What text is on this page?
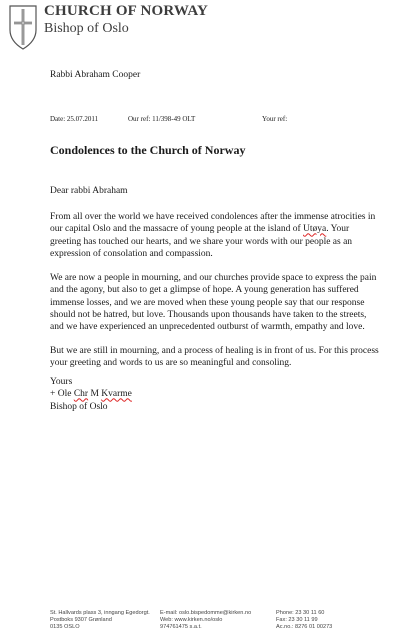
CHURCH OF NORWAY
Bishop of Oslo
Rabbi Abraham Cooper
Date: 25.07.2011	Our ref: 11/398-49 OLT	Your ref:
Condolences to the Church of Norway
Dear rabbi Abraham
From all over the world we have received condolences after the immense atrocities in our capital Oslo and the massacre of young people at the island of Utøya. Your greeting has touched our hearts, and we share your words with our people as an expression of consolation and compassion.
We are now a people in mourning, and our churches provide space to express the pain and the agony, but also to get a glimpse of hope. A young generation has suffered immense losses, and we are moved when these young people say that our response should not be hatred, but love. Thousands upon thousands have taken to the streets, and we have experienced an unprecedented outburst of warmth, empathy and love.
But we are still in mourning, and a process of healing is in front of us. For this process your greeting and words to us are so meaningful and consoling.
Yours
+ Ole Chr M Kvarme
Bishop of Oslo
St. Hallvards plass 3, inngang Egedorgt.
Postboks 9307 Grønland
0135 OSLO
E-mail: oslo.bispedomme@kirken.no
Web: www.kirken.no/oslo
974761475 s.a.t.
Phone: 23 30 11 60
Fax: 23 30 11 99
Ac.no.: 8276 01 00273
